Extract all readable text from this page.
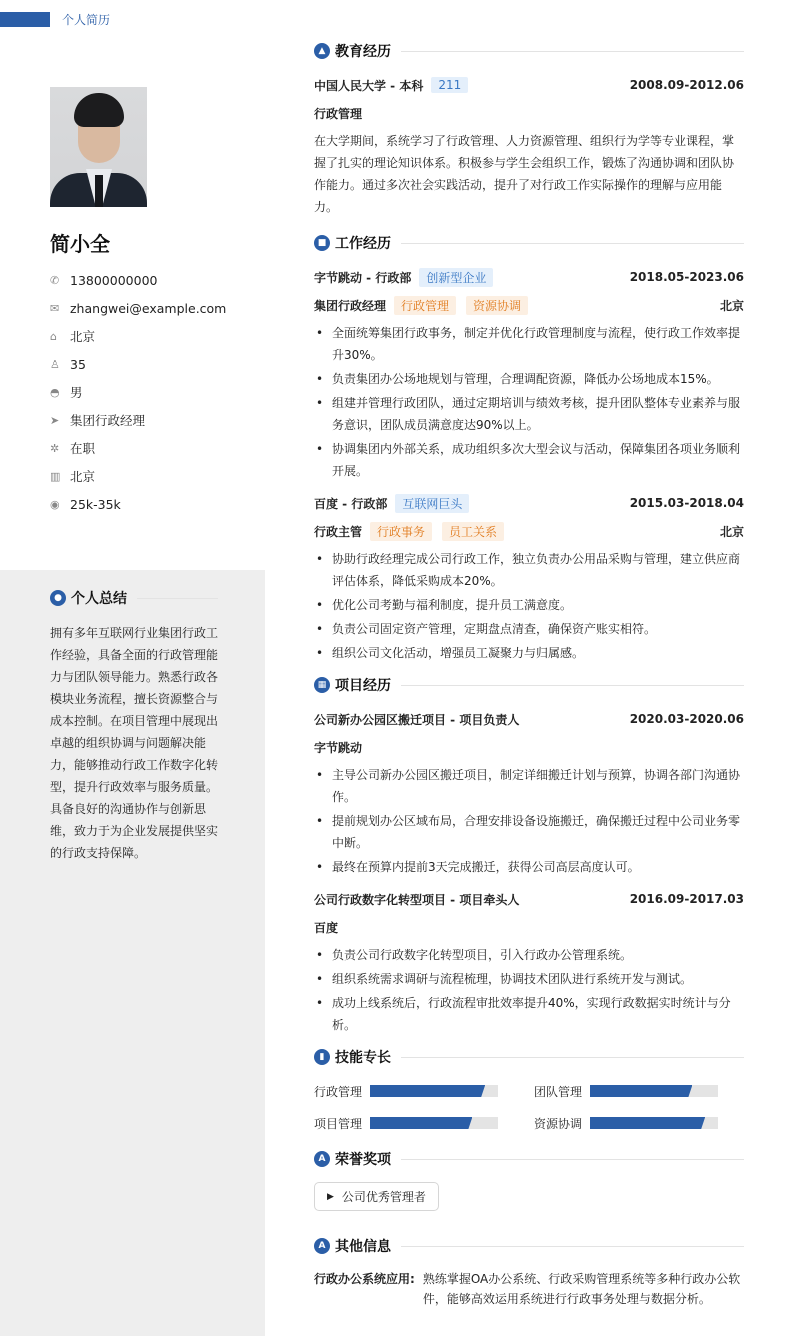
简小全
✆ 13800000000
✉ zhangwei@example.com
⌂	北京
♙ 35
◓ 男
➤ 集团行政经理
✲ 在职
▥ 北京
◉ 25k-35k
● 个人总结

拥有多年互联网行业集团行政工作经验，具备全面的行政管理能力与团队领导能力。熟悉行政各模块业务流程，擅长资源整合与成本控制。在项目管理中展现出卓越的组织协调与问题解决能力，能够推动行政工作数字化转型，提升行政效率与服务质量。具备良好的沟通协作与创新思维，致力于为企业发展提供坚实的行政支持保障。

个人简历
▲ 教育经历
中国人民大学 - 本科	211	2008.09-2012.06
行政管理
在大学期间，系统学习了行政管理、人力资源管理、组织行为学等专业课程，掌握了扎实的理论知识体系。积极参与学生会组织工作，锻炼了沟通协调和团队协作能力。通过多次社会实践活动，提升了对行政工作实际操作的理解与应用能力。
■ 工作经历
字节跳动 - 行政部	创新型企业	2018.05-2023.06
集团行政经理	行政管理	资源协调	北京
• 全面统筹集团行政事务，制定并优化行政管理制度与流程，使行政工作效率提升30%。
• 负责集团办公场地规划与管理，合理调配资源，降低办公场地成本15%。
• 组建并管理行政团队，通过定期培训与绩效考核，提升团队整体专业素养与服务意识，团队成员满意度达90%以上。
• 协调集团内外部关系，成功组织多次大型会议与活动，保障集团各项业务顺利开展。
百度 - 行政部	互联网巨头	2015.03-2018.04
行政主管	行政事务	员工关系	北京
• 协助行政经理完成公司行政工作，独立负责办公用品采购与管理，建立供应商评估体系，降低采购成本20%。
• 优化公司考勤与福利制度，提升员工满意度。
• 负责公司固定资产管理，定期盘点清查，确保资产账实相符。
• 组织公司文化活动，增强员工凝聚力与归属感。
▦ 项目经历
公司新办公园区搬迁项目 - 项目负责人	2020.03-2020.06
字节跳动
• 主导公司新办公园区搬迁项目，制定详细搬迁计划与预算，协调各部门沟通协作。
• 提前规划办公区域布局，合理安排设备设施搬迁，确保搬迁过程中公司业务零中断。
• 最终在预算内提前3天完成搬迁，获得公司高层高度认可。
公司行政数字化转型项目 - 项目牵头人	2016.09-2017.03
百度
• 负责公司行政数字化转型项目，引入行政办公管理系统。
• 组织系统需求调研与流程梳理，协调技术团队进行系统开发与测试。
• 成功上线系统后，行政流程审批效率提升40%，实现行政数据实时统计与分析。
▮ 技能专长
行政管理	团队管理
项目管理	资源协调
A 荣誉奖项
▶ 公司优秀管理者
A 其他信息
行政办公系统应用: 熟练掌握OA办公系统、行政采购管理系统等多种行政办公软件，能够高效运用系统进行行政事务处理与数据分析。
